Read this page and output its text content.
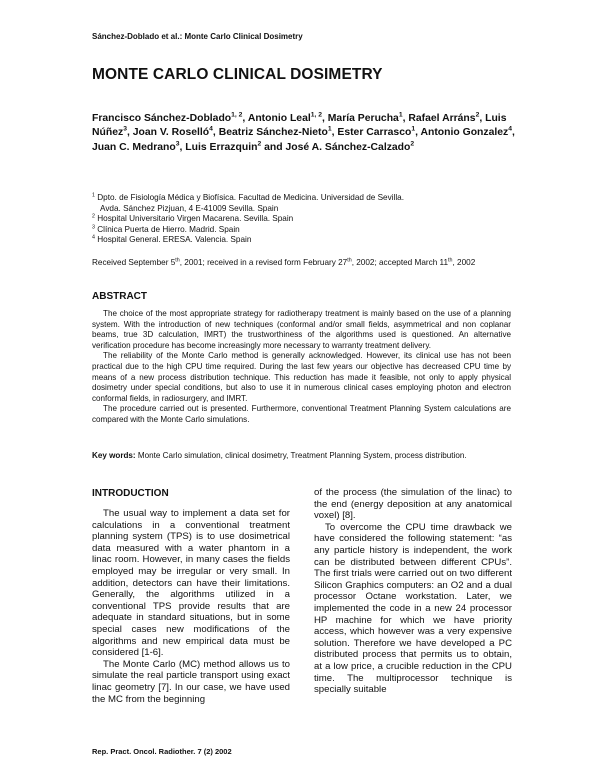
Sánchez-Doblado et al.: Monte Carlo Clinical Dosimetry
MONTE CARLO CLINICAL DOSIMETRY
Francisco Sánchez-Doblado$^{1, 2}$, Antonio Leal$^{1, 2}$, María Perucha$^1$, Rafael Arráns$^2$, Luis Núñez$^3$, Joan V. Roselló$^4$, Beatriz Sánchez-Nieto$^1$, Ester Carrasco$^1$, Antonio Gonzalez$^4$, Juan C. Medrano$^3$, Luis Errazquin$^2$ and José A. Sánchez-Calzado$^2$
$^1$ Dpto. de Fisiología Médica y Biofísica. Facultad de Medicina. Universidad de Sevilla.
Avda. Sánchez Pizjuan, 4 E-41009 Sevilla. Spain
$^2$ Hospital Universitario Virgen Macarena. Sevilla. Spain
$^3$ Clínica Puerta de Hierro. Madrid. Spain
$^4$ Hospital General. ERESA. Valencia. Spain
Received September 5th, 2001; received in a revised form February 27th, 2002; accepted March 11th, 2002
ABSTRACT

The choice of the most appropriate strategy for radiotherapy treatment is mainly based on the use of a planning system. With the introduction of new techniques (conformal and/or small fields, asymmetrical and non coplanar beams, true 3D calculation, IMRT) the trustworthiness of the algorithms used is questioned. An alternative verification procedure has become increasingly more necessary to warranty treatment delivery.

The reliability of the Monte Carlo method is generally acknowledged. However, its clinical use has not been practical due to the high CPU time required. During the last few years our objective has decreased CPU time by means of a new process distribution technique. This reduction has made it feasible, not only to apply physical dosimetry under special conditions, but also to use it in numerous clinical cases employing photon and electron conformal fields, in radiosurgery, and IMRT.

The procedure carried out is presented. Furthermore, conventional Treatment Planning System calculations are compared with the Monte Carlo simulations.

Key words: Monte Carlo simulation, clinical dosimetry, Treatment Planning System, process distribution.
INTRODUCTION

The usual way to implement a data set for calculations in a conventional treatment planning system (TPS) is to use dosimetrical data measured with a water phantom in a linac room. However, in many cases the fields employed may be irregular or very small. In addition, detectors can have their limitations. Generally, the algorithms utilized in a conventional TPS provide results that are adequate in standard situations, but in some special cases new modifications of the algorithms and new empirical data must be considered [1-6].

The Monte Carlo (MC) method allows us to simulate the real particle transport using exact linac geometry [7]. In our case, we have used the MC from the beginning

of the process (the simulation of the linac) to the end (energy deposition at any anatomical voxel) [8].

To overcome the CPU time drawback we have considered the following statement: “as any particle history is independent, the work can be distributed between different CPUs”. The first trials were carried out on two different Silicon Graphics computers: an O2 and a dual processor Octane workstation. Later, we implemented the code in a new 24 processor HP machine for which we have priority access, which however was a very expensive solution. Therefore we have developed a PC distributed process that permits us to obtain, at a low price, a crucible reduction in the CPU time. The multiprocessor technique is specially suitable

Rep. Pract. Oncol. Radiother. 7 (2) 2002
